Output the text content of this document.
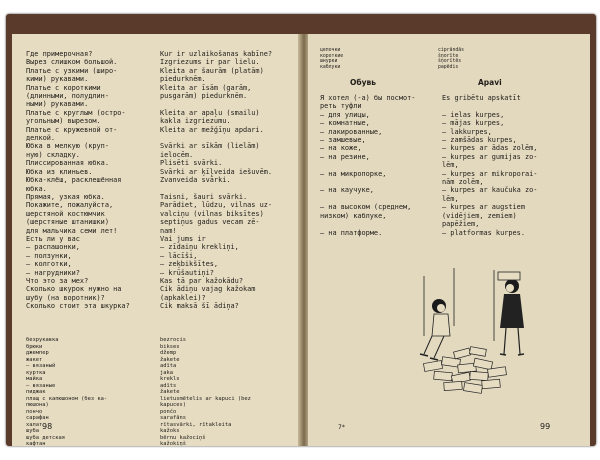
Где примерочная?
Вырез слишком большой.
Платье с узкими (широ-
кими) рукавами.
Платье с короткими
(длинными, полудлин-
ными) рукавами.
Платье с круглым (остро-
угольным) вырезом.
Платье с кружевной от-
делкой.
Юбка в мелкую (круп-
ную) складку.
Плиссированная юбка.
Юбка из клиньев.
Юбка-клёш, расклешённая
юбка.
Прямая, узкая юбка.
Покажите, пожалуйста,
шерстяной костюмчик
(шерстяные штанишки)
для мальчика семи лет!
Есть ли у вас
— распашонки,
— ползунки,
— колготки,
— нагрудники?
Что это за мех?
Сколько шкурок нужно на
шубу (на воротник)?
Сколько стоит эта шкурка?
Kur ir uzlaikošanas kabīne?
Izgriezums ir par lielu.
Kleita ar šaurām (platām)
piedurknēm.
Kleita ar īsām (garām,
pusgarām) piedurknēm.

Kleita ar apaļu (smailu)
kakla izgriezumu.
Kleita ar mežģīņu apdari.

Svārki ar sīkām (lielām)
ielocēm.
Plisēti svārki.
Svārki ar ķīļveida iešuvēm.
Zvanveida svārki.

Taisni, šauri svārki.
Parādiet, lūdzu, vilnas uz-
valciņu (vilnas biksītes)
septiņus gadus vecam zē-
nam!
Vai jums ir
— zīdaiņu krekliņi,
— lācīši,
— zeķbikšītes,
— krūšautiņi?
Kas tā par kažokādu?
Cik ādiņu vajag kažokam
(apkaklei)?
Cik maksā šī ādiņa?
безрукавка
брюки
джемпер
жакет
— вязаный
куртка
майка
— вязаные
пиджак
плащ с капюшоном (без ка-
пюшона)
пончо
сарафан
халат
шуба
шуба детская
кафтан
bezrocis
bikses
džemp
žakete
adīta
jaka
krekls
adīts
žakete
lietusmētelis ar kapuci (bez
kapuces)
pončo
sarafāns
rītasvārki, rītakleita
kažoks
bērnu kažociņš
kažokiņš
98
цепочки
короткие
шнурки
каблуки
ciprāndās
šņorīte
šņorītēs
papēdis
Обувь	Apavi
Я хотел (-а) бы посмот-
реть туфли
— для улицы,
— комнатные,
— лакированные,
— замшевые,
— на коже,
— на резине,

— на микропорке,

— на каучуке,

— на высоком (среднем,
низком) каблуке,

— на платформе.
Es gribētu apskatīt

— ielas kurpes,
— mājas kurpes,
— lakkurpes,
— zamšādas kurpes,
— kurpes ar ādas zolēm,
— kurpes ar gumijas zo-
lēm,
— kurpes ar mikroporai-
nām zolēm,
— kurpes ar kaučuka zo-
lēm,
— kurpes ar augstiem
(vidējiem, zemiem)
papēžiem,
— platformas kurpes.
7*	99
